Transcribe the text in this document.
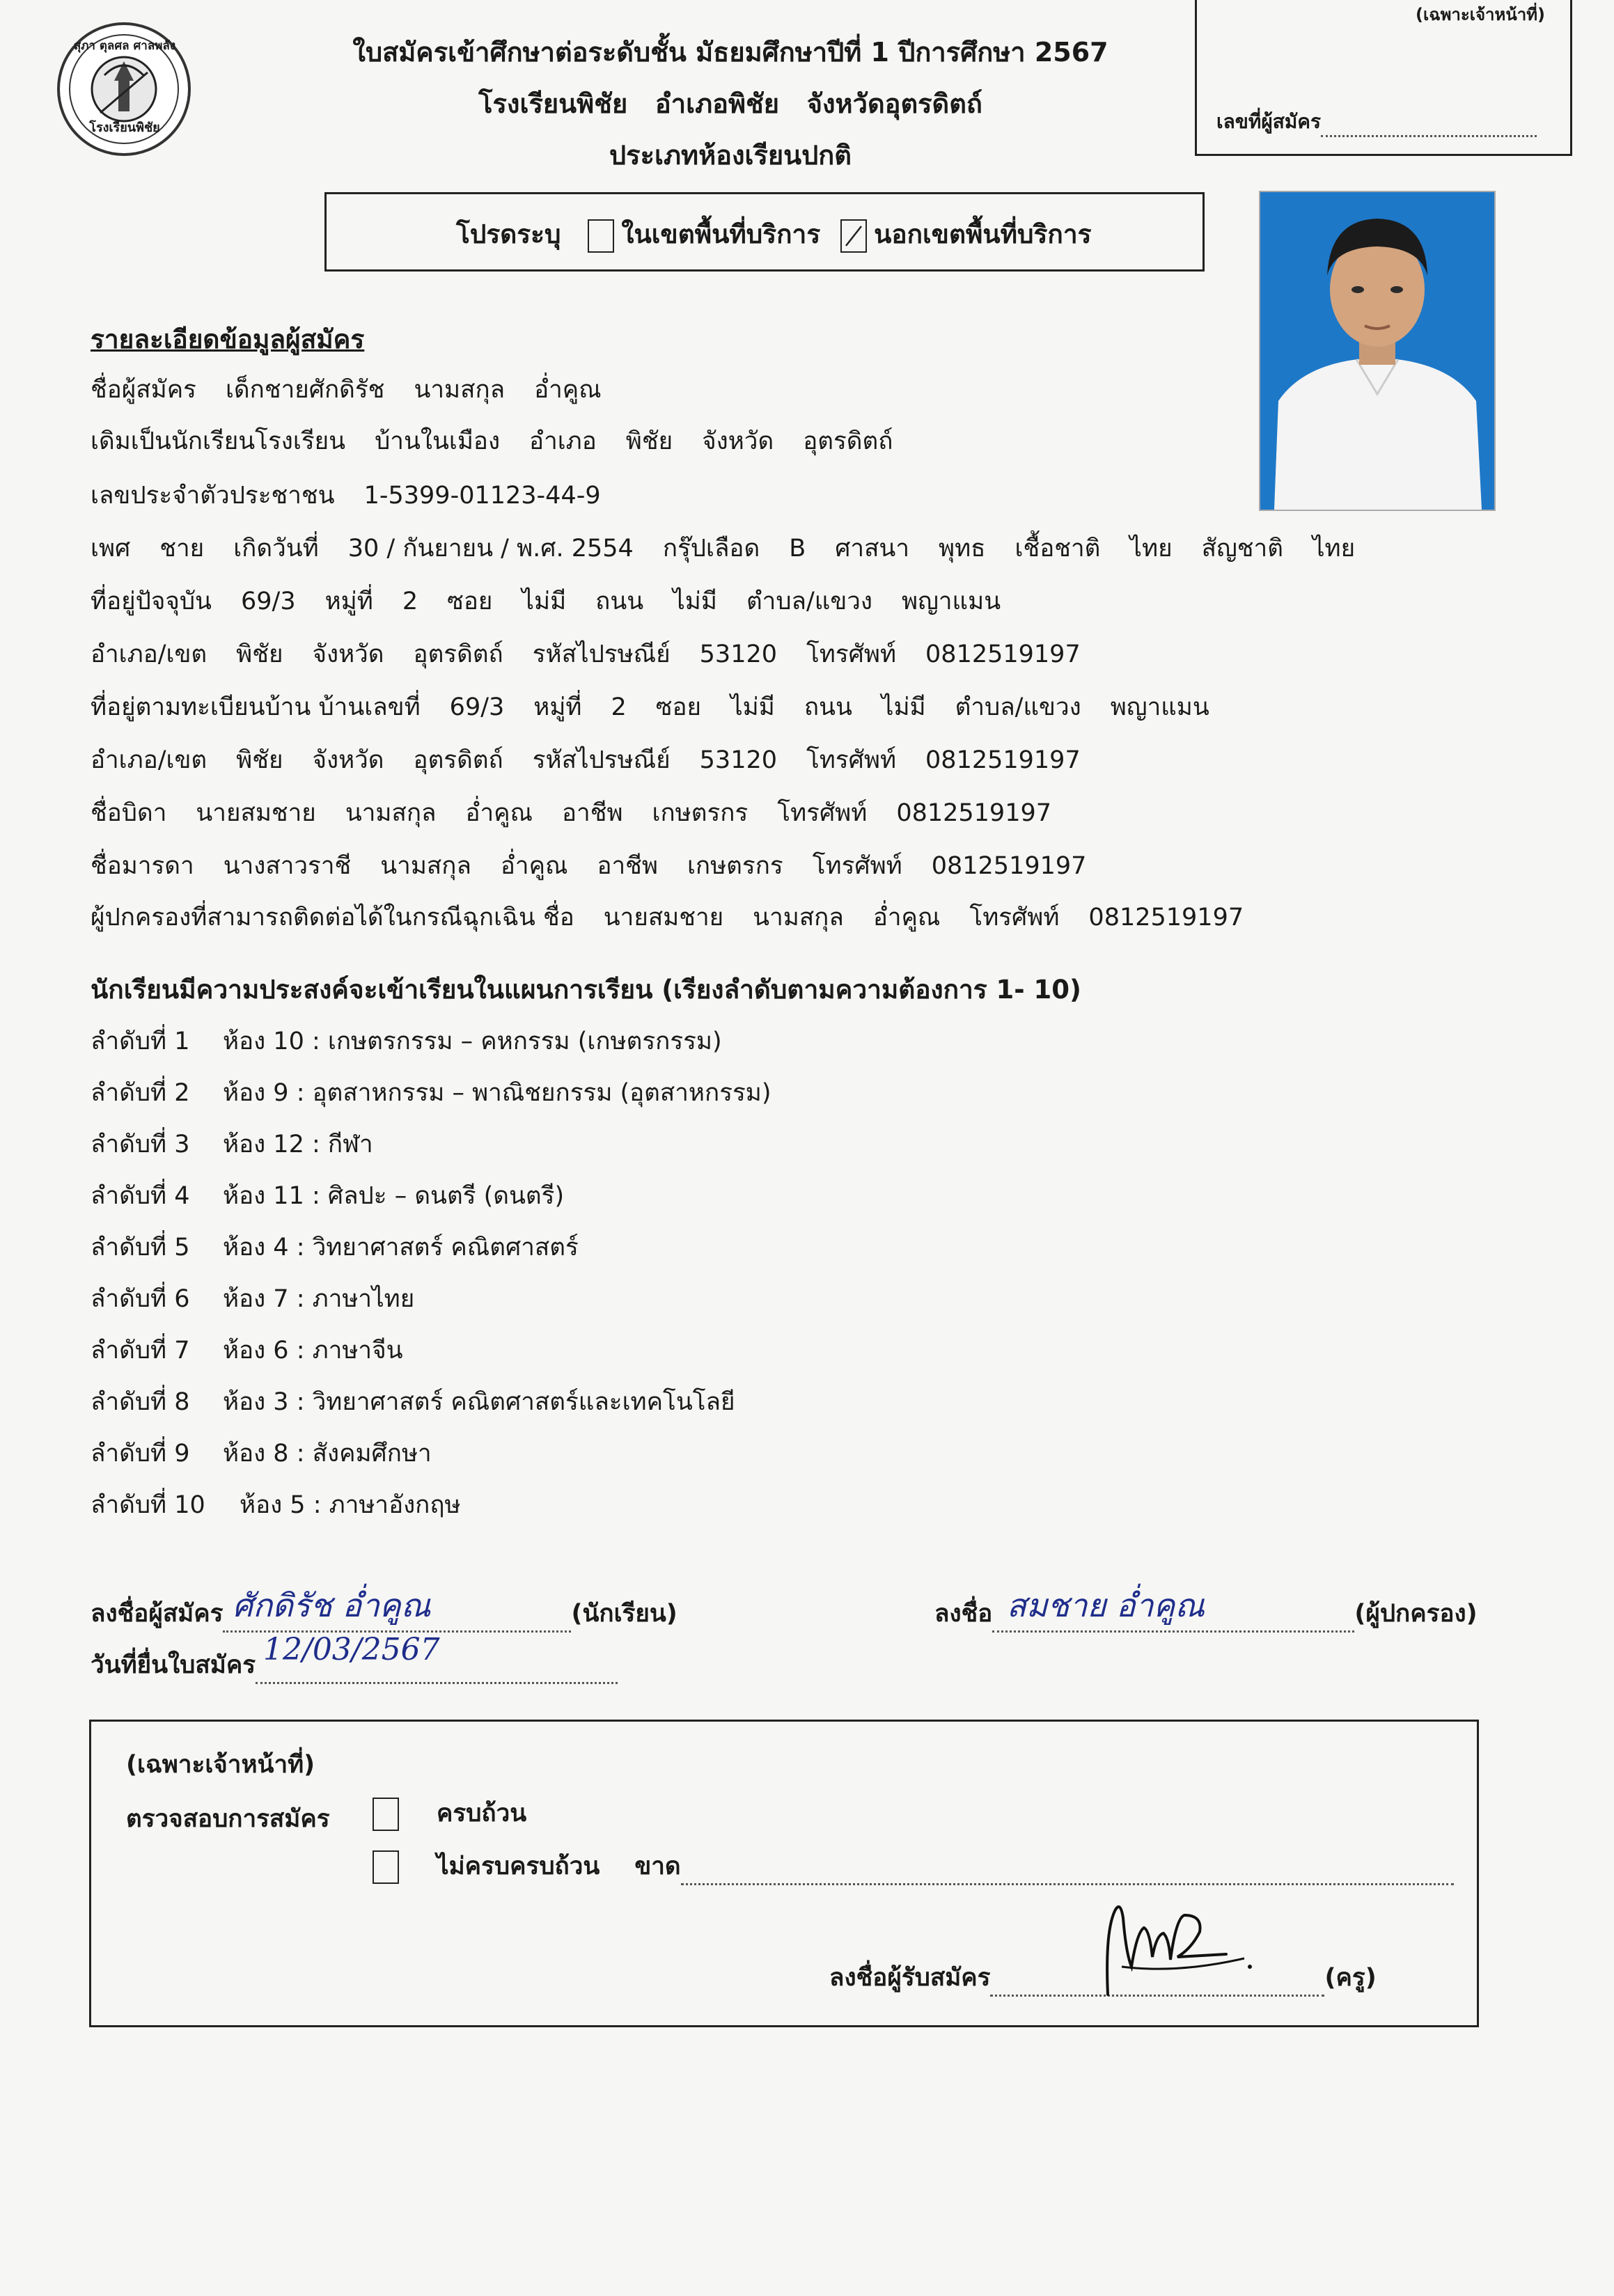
สุภา ตุลศล ศาลพลัง
โรงเรียนพิชัย
ใบสมัครเข้าศึกษาต่อระดับชั้น มัธยมศึกษาปีที่ 1 ปีการศึกษา 2567
โรงเรียนพิชัย   อำเภอพิชัย   จังหวัดอุตรดิตถ์
ประเภทห้องเรียนปกติ
(เฉพาะเจ้าหน้าที่)
เลขที่ผู้สมัคร
โปรดระบุ ในเขตพื้นที่บริการ นอกเขตพื้นที่บริการ
รายละเอียดข้อมูลผู้สมัคร
ชื่อผู้สมัคร เด็กชายศักดิรัช นามสกุล อ่ำคูณ
เดิมเป็นนักเรียนโรงเรียน บ้านในเมือง อำเภอ พิชัย จังหวัด อุตรดิตถ์
เลขประจำตัวประชาชน 1-5399-01123-44-9
เพศ ชาย เกิดวันที่ 30 / กันยายน / พ.ศ. 2554 กรุ๊ปเลือด B ศาสนา พุทธ เชื้อชาติ ไทย สัญชาติ ไทย
ที่อยู่ปัจจุบัน 69/3 หมู่ที่ 2 ซอย ไม่มี ถนน ไม่มี ตำบล/แขวง พญาแมน
อำเภอ/เขต พิชัย จังหวัด อุตรดิตถ์ รหัสไปรษณีย์ 53120 โทรศัพท์ 0812519197
ที่อยู่ตามทะเบียนบ้าน บ้านเลขที่ 69/3 หมู่ที่ 2 ซอย ไม่มี ถนน ไม่มี ตำบล/แขวง พญาแมน
อำเภอ/เขต พิชัย จังหวัด อุตรดิตถ์ รหัสไปรษณีย์ 53120 โทรศัพท์ 0812519197
ชื่อบิดา นายสมชาย นามสกุล อ่ำคูณ อาชีพ เกษตรกร โทรศัพท์ 0812519197
ชื่อมารดา นางสาวราชี นามสกุล อ่ำคูณ อาชีพ เกษตรกร โทรศัพท์ 0812519197
ผู้ปกครองที่สามารถติดต่อได้ในกรณีฉุกเฉิน ชื่อ นายสมชาย นามสกุล อ่ำคูณ โทรศัพท์ 0812519197
นักเรียนมีความประสงค์จะเข้าเรียนในแผนการเรียน (เรียงลำดับตามความต้องการ 1- 10)
ลำดับที่ 1 ห้อง 10 : เกษตรกรรม – คหกรรม (เกษตรกรรม)
ลำดับที่ 2 ห้อง 9 : อุตสาหกรรม – พาณิชยกรรม (อุตสาหกรรม)
ลำดับที่ 3 ห้อง 12 : กีฬา
ลำดับที่ 4 ห้อง 11 : ศิลปะ – ดนตรี (ดนตรี)
ลำดับที่ 5 ห้อง 4 : วิทยาศาสตร์ คณิตศาสตร์
ลำดับที่ 6 ห้อง 7 : ภาษาไทย
ลำดับที่ 7 ห้อง 6 : ภาษาจีน
ลำดับที่ 8 ห้อง 3 : วิทยาศาสตร์ คณิตศาสตร์และเทคโนโลยี
ลำดับที่ 9 ห้อง 8 : สังคมศึกษา
ลำดับที่ 10 ห้อง 5 : ภาษาอังกฤษ
ลงชื่อผู้สมัคร	(นักเรียน)
ศักดิรัช อ่ำคูณ	ลงชื่อ	(ผู้ปกครอง)
สมชาย อ่ำคูณ
วันที่ยื่นใบสมัคร 12/03/2567
(เฉพาะเจ้าหน้าที่)
ตรวจสอบการสมัคร	ครบถ้วน
ไม่ครบครบถ้วน ขาด
ลงชื่อผู้รับสมัคร	(ครู)
